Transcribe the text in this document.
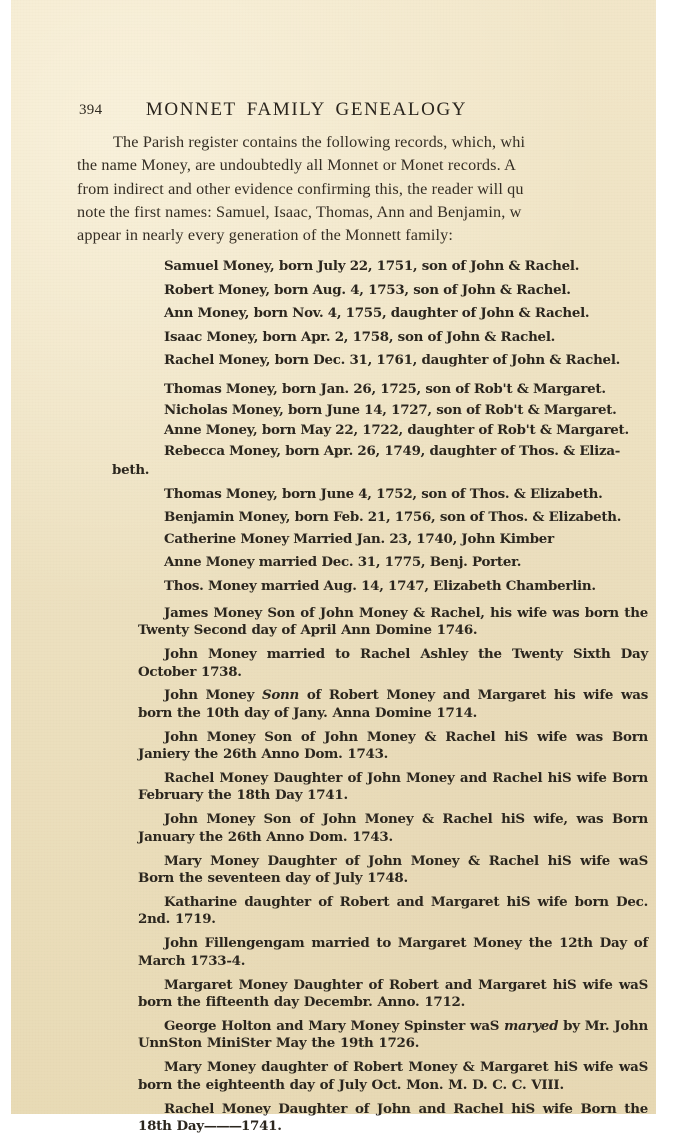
394	MONNET FAMILY GENEALOGY
The Parish register contains the following records, which, whi
the name Money, are undoubtedly all Monnet or Monet records. A
from indirect and other evidence confirming this, the reader will qu
note the first names: Samuel, Isaac, Thomas, Ann and Benjamin, w
appear in nearly every generation of the Monnett family:
Samuel Money, born July 22, 1751, son of John & Rachel.
Robert Money, born Aug. 4, 1753, son of John & Rachel.
Ann Money, born Nov. 4, 1755, daughter of John & Rachel.
Isaac Money, born Apr. 2, 1758, son of John & Rachel.
Rachel Money, born Dec. 31, 1761, daughter of John & Rachel.
Thomas Money, born Jan. 26, 1725, son of Rob't & Margaret.
Nicholas Money, born June 14, 1727, son of Rob't & Margaret.
Anne Money, born May 22, 1722, daughter of Rob't & Margaret.
Rebecca Money, born Apr. 26, 1749, daughter of Thos. & Eliza-
beth.
Thomas Money, born June 4, 1752, son of Thos. & Elizabeth.
Benjamin Money, born Feb. 21, 1756, son of Thos. & Elizabeth.
Catherine Money Married Jan. 23, 1740, John Kimber
Anne Money married Dec. 31, 1775, Benj. Porter.
Thos. Money married Aug. 14, 1747, Elizabeth Chamberlin.
James Money Son of John Money & Rachel, his wife was born the Twenty Second day of April Ann Domine 1746.
John Money married to Rachel Ashley the Twenty Sixth Day October 1738.
John Money Sonn of Robert Money and Margaret his wife was born the 10th day of Jany. Anna Domine 1714.
John Money Son of John Money & Rachel hiS wife was Born Janiery the 26th Anno Dom. 1743.
Rachel Money Daughter of John Money and Rachel hiS wife Born February the 18th Day 1741.
John Money Son of John Money & Rachel hiS wife, was Born January the 26th Anno Dom. 1743.
Mary Money Daughter of John Money & Rachel hiS wife waS Born the seventeen day of July 1748.
Katharine daughter of Robert and Margaret hiS wife born Dec. 2nd. 1719.
John Fillengengam married to Margaret Money the 12th Day of March 1733-4.
Margaret Money Daughter of Robert and Margaret hiS wife waS born the fifteenth day Decembr. Anno. 1712.
George Holton and Mary Money Spinster waS maryed by Mr. John UnnSton MiniSter May the 19th 1726.
Mary Money daughter of Robert Money & Margaret hiS wife waS born the eighteenth day of July Oct. Mon. M. D. C. C. VIII.
Rachel Money Daughter of John and Rachel hiS wife Born the 18th Day———1741.
